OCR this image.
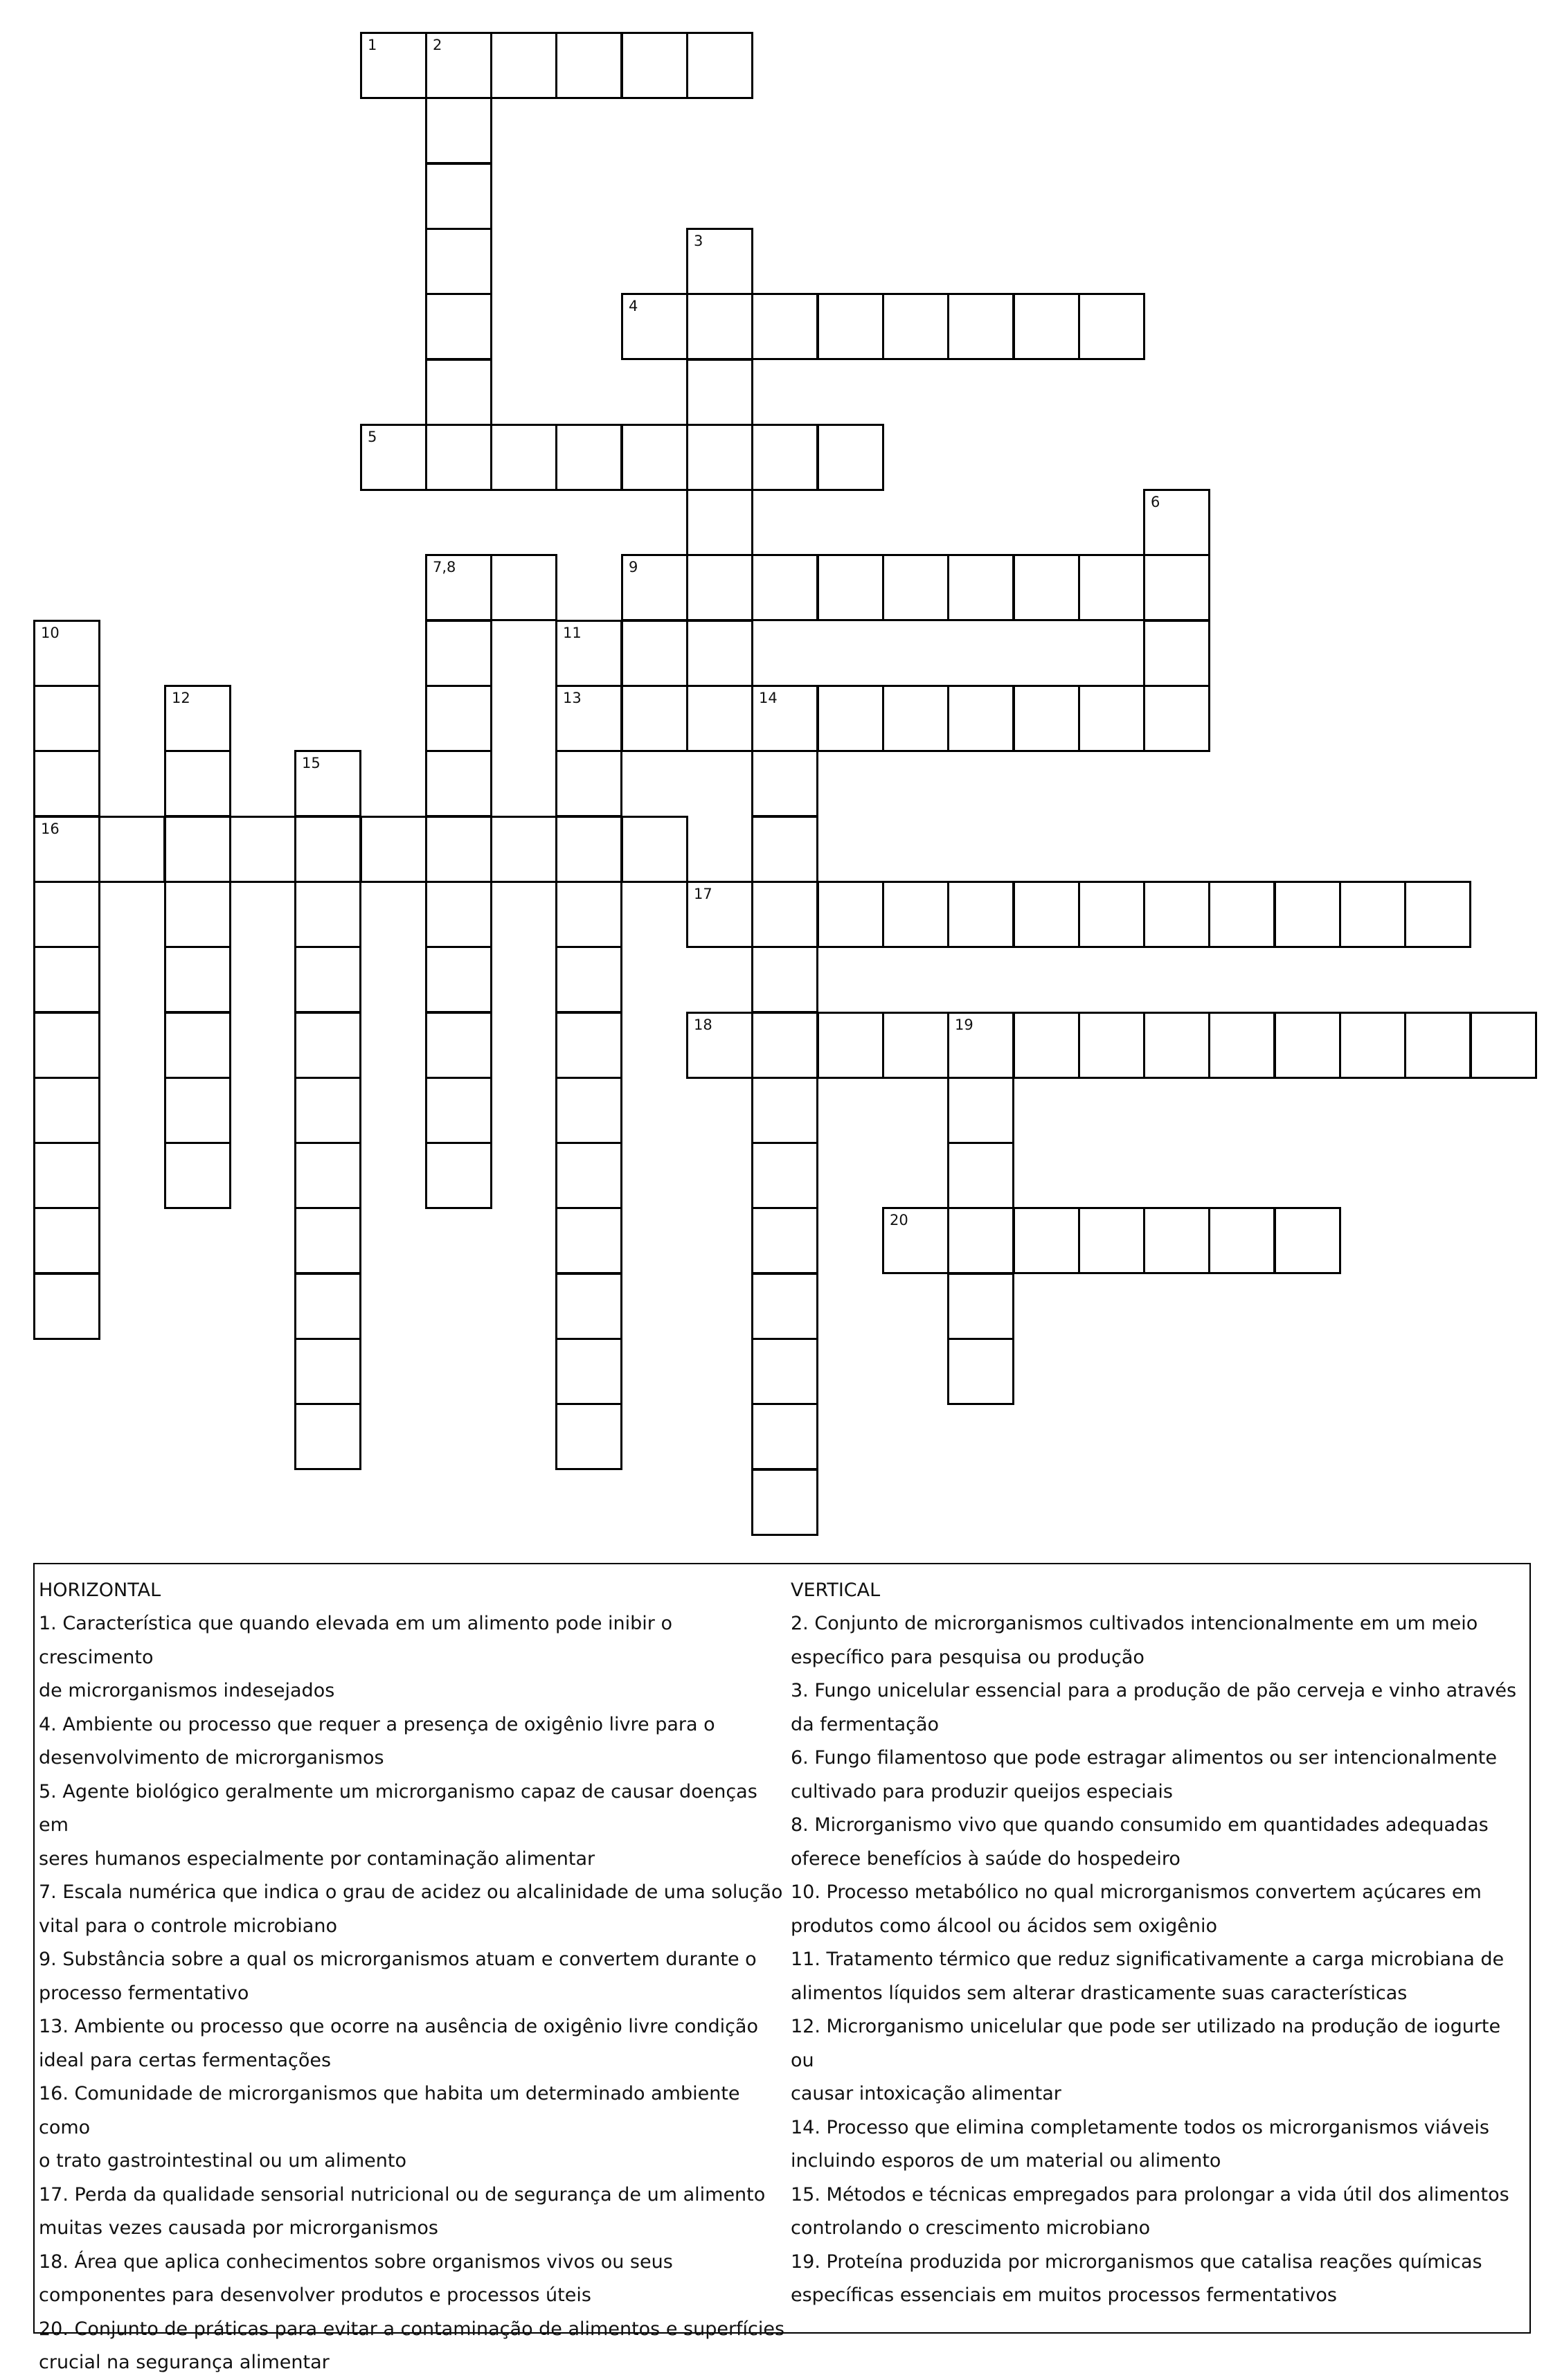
1	2
3
4
5
6
7,8	9
10
16
11
13
12	14
15
17
18	19
20
HORIZONTAL

1. Característica que quando elevada em um alimento pode inibir o crescimento

de microrganismos indesejados

4. Ambiente ou processo que requer a presença de oxigênio livre para o

desenvolvimento de microrganismos

5. Agente biológico geralmente um microrganismo capaz de causar doenças em

seres humanos especialmente por contaminação alimentar

7. Escala numérica que indica o grau de acidez ou alcalinidade de uma solução

vital para o controle microbiano

9. Substância sobre a qual os microrganismos atuam e convertem durante o

processo fermentativo

13. Ambiente ou processo que ocorre na ausência de oxigênio livre condição

ideal para certas fermentações

16. Comunidade de microrganismos que habita um determinado ambiente como

o trato gastrointestinal ou um alimento

17. Perda da qualidade sensorial nutricional ou de segurança de um alimento

muitas vezes causada por microrganismos

18. Área que aplica conhecimentos sobre organismos vivos ou seus

componentes para desenvolver produtos e processos úteis

20. Conjunto de práticas para evitar a contaminação de alimentos e superfícies

crucial na segurança alimentar

VERTICAL

2. Conjunto de microrganismos cultivados intencionalmente em um meio

específico para pesquisa ou produção

3. Fungo unicelular essencial para a produção de pão cerveja e vinho através

da fermentação

6. Fungo filamentoso que pode estragar alimentos ou ser intencionalmente

cultivado para produzir queijos especiais

8. Microrganismo vivo que quando consumido em quantidades adequadas

oferece benefícios à saúde do hospedeiro

10. Processo metabólico no qual microrganismos convertem açúcares em

produtos como álcool ou ácidos sem oxigênio

11. Tratamento térmico que reduz significativamente a carga microbiana de

alimentos líquidos sem alterar drasticamente suas características

12. Microrganismo unicelular que pode ser utilizado na produção de iogurte ou

causar intoxicação alimentar

14. Processo que elimina completamente todos os microrganismos viáveis

incluindo esporos de um material ou alimento

15. Métodos e técnicas empregados para prolongar a vida útil dos alimentos

controlando o crescimento microbiano

19. Proteína produzida por microrganismos que catalisa reações químicas

específicas essenciais em muitos processos fermentativos
